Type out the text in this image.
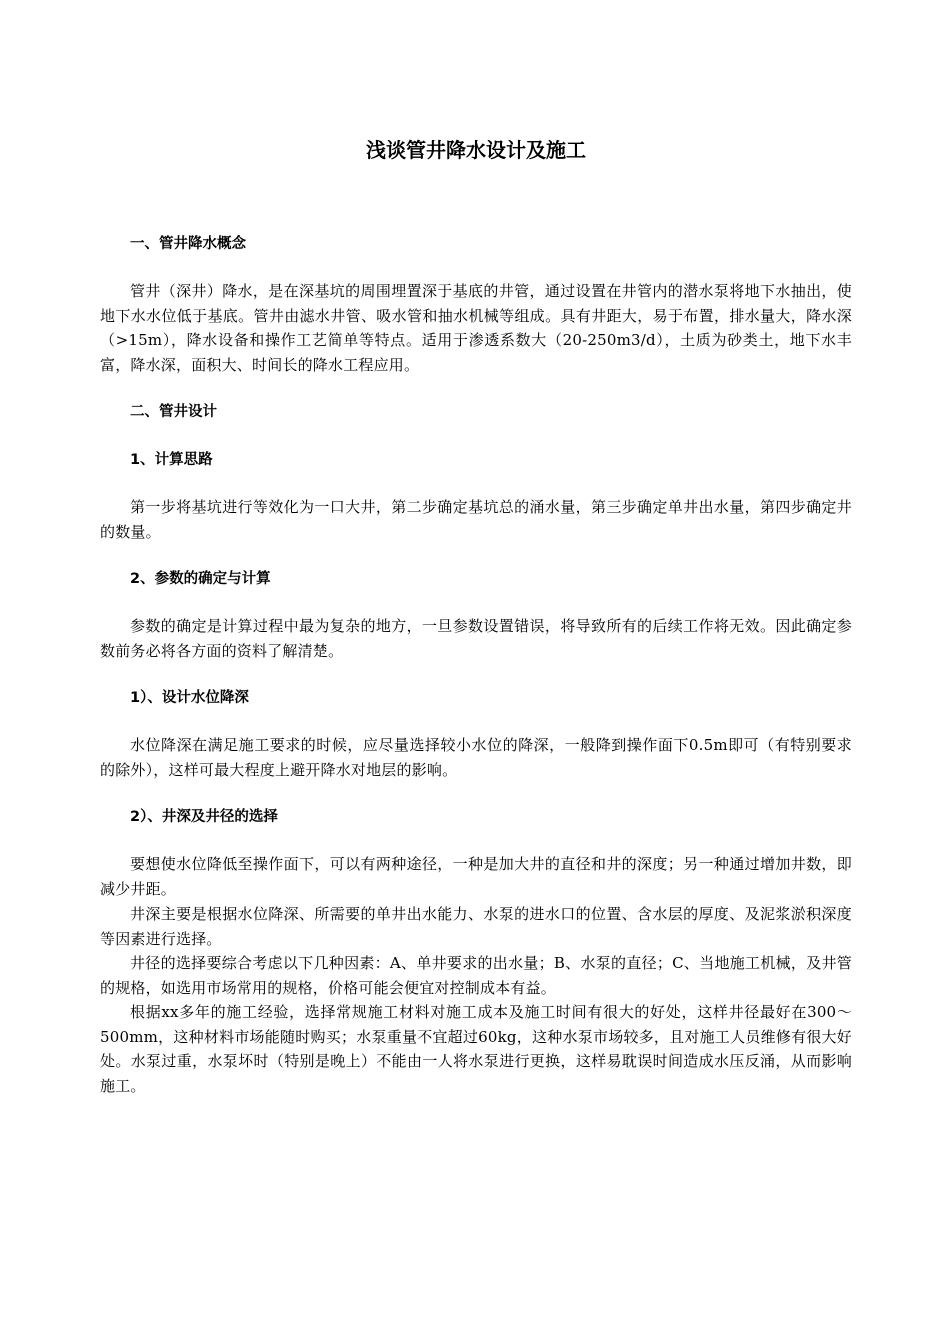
浅谈管井降水设计及施工
一、管井降水概念

管井（深井）降水，是在深基坑的周围埋置深于基底的井管，通过设置在井管内的潜水泵将地下水抽出，使地下水水位低于基底。管井由滤水井管、吸水管和抽水机械等组成。具有井距大，易于布置，排水量大，降水深（>15m），降水设备和操作工艺简单等特点。适用于渗透系数大（20-250m3/d），土质为砂类土，地下水丰富，降水深，面积大、时间长的降水工程应用。

二、管井设计
1、计算思路

第一步将基坑进行等效化为一口大井，第二步确定基坑总的涌水量，第三步确定单井出水量，第四步确定井的数量。

2、参数的确定与计算

参数的确定是计算过程中最为复杂的地方，一旦参数设置错误，将导致所有的后续工作将无效。因此确定参数前务必将各方面的资料了解清楚。

1）、设计水位降深

水位降深在满足施工要求的时候，应尽量选择较小水位的降深，一般降到操作面下0.5m即可（有特别要求的除外），这样可最大程度上避开降水对地层的影响。

2）、井深及井径的选择

要想使水位降低至操作面下，可以有两种途径，一种是加大井的直径和井的深度；另一种通过增加井数，即减少井距。

井深主要是根据水位降深、所需要的单井出水能力、水泵的进水口的位置、含水层的厚度、及泥浆淤积深度等因素进行选择。

井径的选择要综合考虑以下几种因素：A、单井要求的出水量；B、水泵的直径；C、当地施工机械，及井管的规格，如选用市场常用的规格，价格可能会便宜对控制成本有益。

根据xx多年的施工经验，选择常规施工材料对施工成本及施工时间有很大的好处，这样井径最好在300～500mm，这种材料市场能随时购买；水泵重量不宜超过60kg，这种水泵市场较多，且对施工人员维修有很大好处。水泵过重，水泵坏时（特别是晚上）不能由一人将水泵进行更换，这样易耽误时间造成水压反涌，从而影响施工。
